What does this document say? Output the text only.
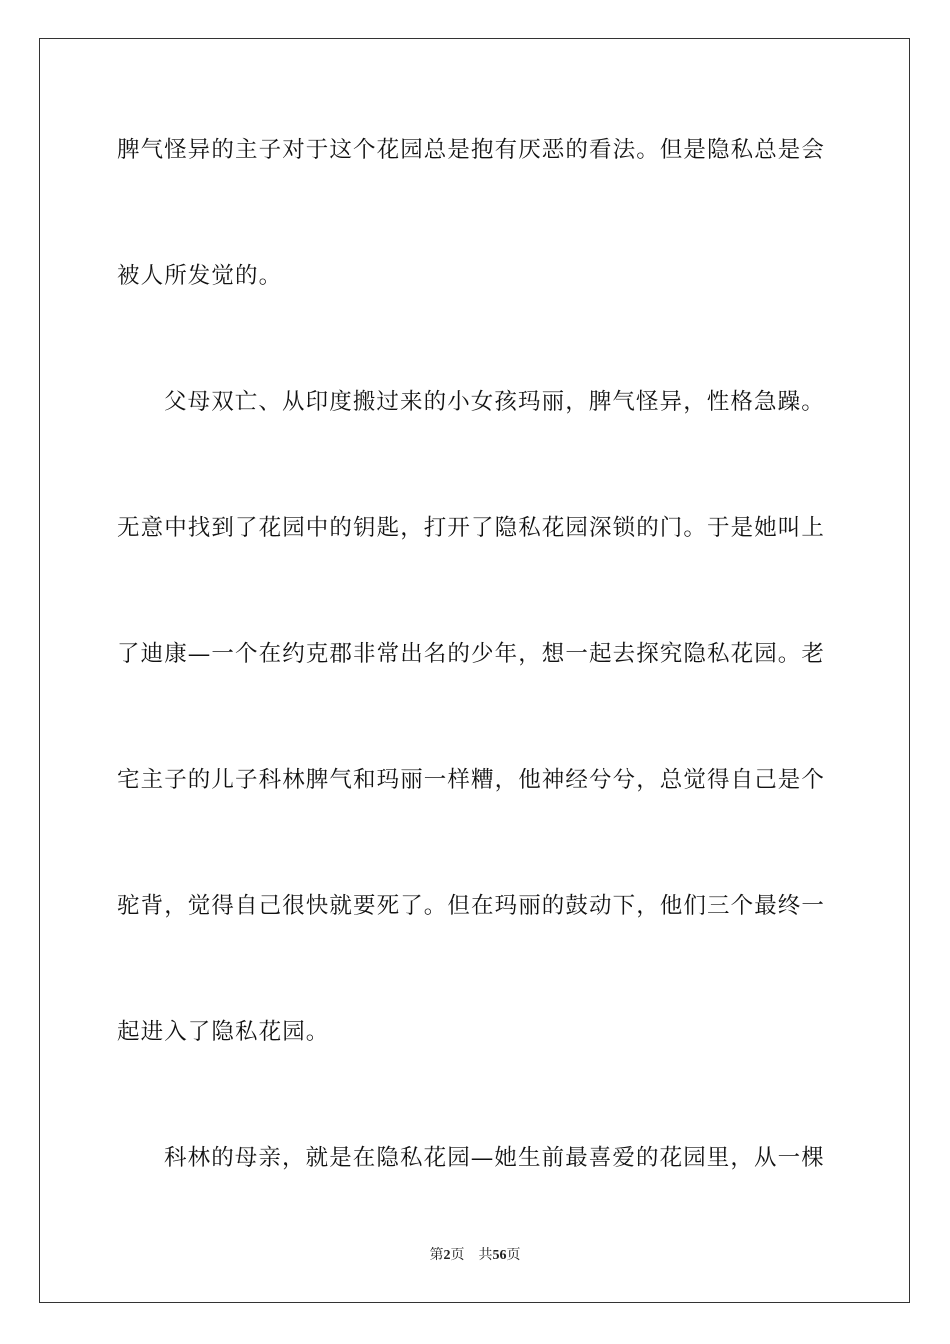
脾气怪异的主子对于这个花园总是抱有厌恶的看法。但是隐私总是会
被人所发觉的。
父母双亡、从印度搬过来的小女孩玛丽，脾气怪异，性格急躁。
无意中找到了花园中的钥匙，打开了隐私花园深锁的门。于是她叫上
了迪康—一个在约克郡非常出名的少年，想一起去探究隐私花园。老
宅主子的儿子科林脾气和玛丽一样糟，他神经兮兮，总觉得自己是个
驼背，觉得自己很快就要死了。但在玛丽的鼓动下，他们三个最终一
起进入了隐私花园。
科林的母亲，就是在隐私花园—她生前最喜爱的花园里，从一棵
第2页 共56页
